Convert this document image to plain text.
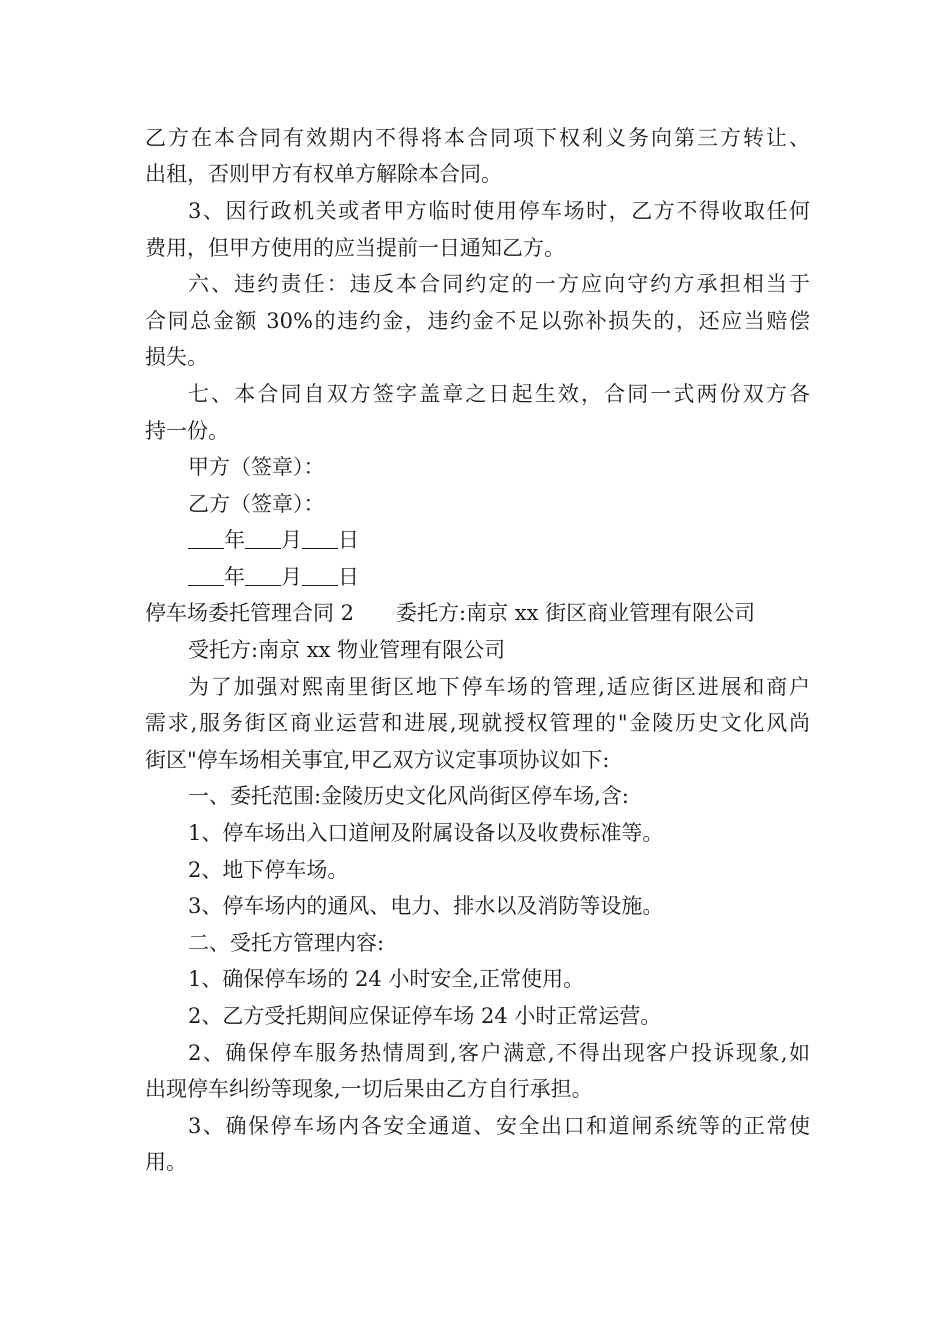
乙方在本合同有效期内不得将本合同项下权利义务向第三方转让、
出租，否则甲方有权单方解除本合同。
3、因行政机关或者甲方临时使用停车场时，乙方不得收取任何
费用，但甲方使用的应当提前一日通知乙方。
六、违约责任：违反本合同约定的一方应向守约方承担相当于
合同总金额 30%的违约金，违约金不足以弥补损失的，还应当赔偿
损失。
七、本合同自双方签字盖章之日起生效，合同一式两份双方各
持一份。
甲方（签章）：
乙方（签章）：
年 月 日
年 月 日
停车场委托管理合同 2　　委托方:南京 xx 街区商业管理有限公司
受托方:南京 xx 物业管理有限公司
为了加强对熙南里街区地下停车场的管理,适应街区进展和商户
需求,服务街区商业运营和进展,现就授权管理的"金陵历史文化风尚
街区"停车场相关事宜,甲乙双方议定事项协议如下:
一、委托范围:金陵历史文化风尚街区停车场,含:
1、停车场出入口道闸及附属设备以及收费标准等。
2、地下停车场。
3、停车场内的通风、电力、排水以及消防等设施。
二、受托方管理内容:
1、确保停车场的 24 小时安全,正常使用。
2、乙方受托期间应保证停车场 24 小时正常运营。
2、确保停车服务热情周到,客户满意,不得出现客户投诉现象,如
出现停车纠纷等现象,一切后果由乙方自行承担。
3、确保停车场内各安全通道、安全出口和道闸系统等的正常使
用。
